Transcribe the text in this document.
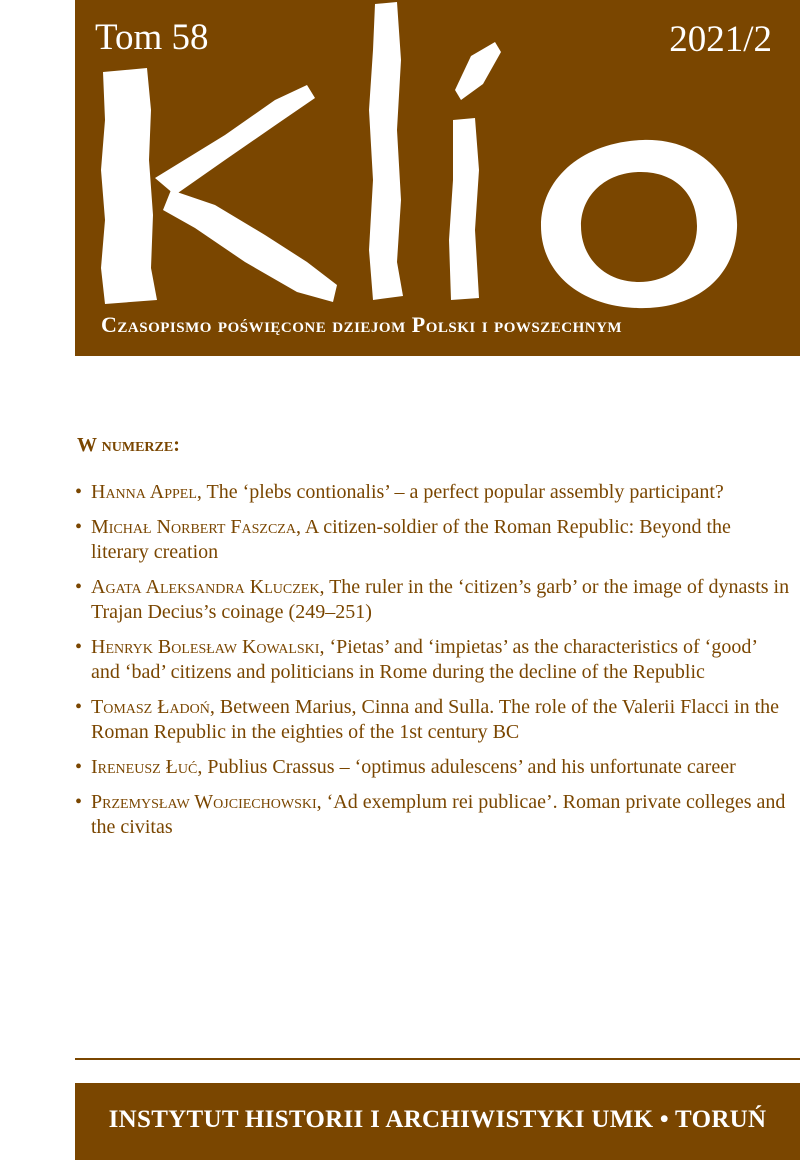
Tom 58	2021/2
Czasopismo poświęcone dziejom Polski i powszechnym
W numerze:
• Hanna Appel, The ‘plebs contionalis’ – a perfect popular assembly participant?
• Michał Norbert Faszcza, A citizen-soldier of the Roman Republic: Beyond the literary creation
• Agata Aleksandra Kluczek, The ruler in the ‘citizen’s garb’ or the image of dynasts in Trajan Decius’s coinage (249–251)
• Henryk Bolesław Kowalski, ‘Pietas’ and ‘impietas’ as the characteristics of ‘good’ and ‘bad’ citizens and politicians in Rome during the decline of the Republic
• Tomasz Ładoń, Between Marius, Cinna and Sulla. The role of the Valerii Flacci in the Roman Republic in the eighties of the 1st century BC
• Ireneusz Łuć, Publius Crassus – ‘optimus adulescens’ and his unfortunate career
• Przemysław Wojciechowski, ‘Ad exemplum rei publicae’. Roman private colleges and the civitas
INSTYTUT HISTORII I ARCHIWISTYKI UMK • TORUŃ
